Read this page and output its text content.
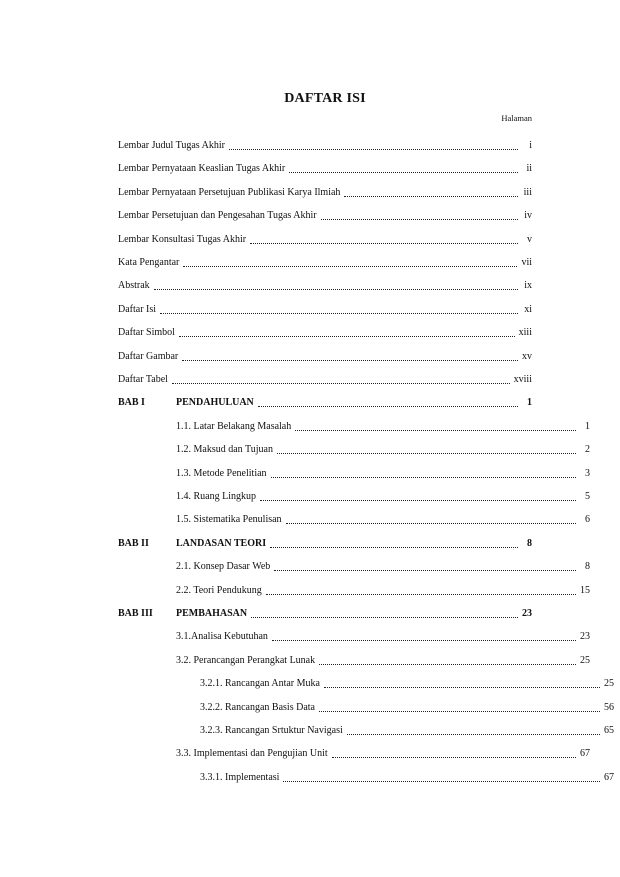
DAFTAR ISI
Halaman
Lembar Judul Tugas Akhir	i
Lembar Pernyataan Keaslian Tugas Akhir	ii
Lembar Pernyataan Persetujuan Publikasi Karya Ilmiah	iii
Lembar Persetujuan dan Pengesahan Tugas Akhir	iv
Lembar Konsultasi Tugas Akhir	v
Kata Pengantar	vii
Abstrak	ix
Daftar Isi	xi
Daftar Simbol	xiii
Daftar Gambar	xv
Daftar Tabel	xviii
BAB I	PENDAHULUAN	1
1.1. Latar Belakang Masalah	1
1.2. Maksud dan Tujuan	2
1.3. Metode Penelitian	3
1.4. Ruang Lingkup	5
1.5. Sistematika Penulisan	6
BAB II	LANDASAN TEORI	8
2.1. Konsep Dasar Web	8
2.2. Teori Pendukung	15
BAB III	PEMBAHASAN	23
3.1.Analisa Kebutuhan	23
3.2. Perancangan Perangkat Lunak	25
3.2.1. Rancangan Antar Muka	25
3.2.2. Rancangan Basis Data	56
3.2.3. Rancangan Srtuktur Navigasi	65
3.3. Implementasi dan Pengujian Unit	67
3.3.1. Implementasi	67
